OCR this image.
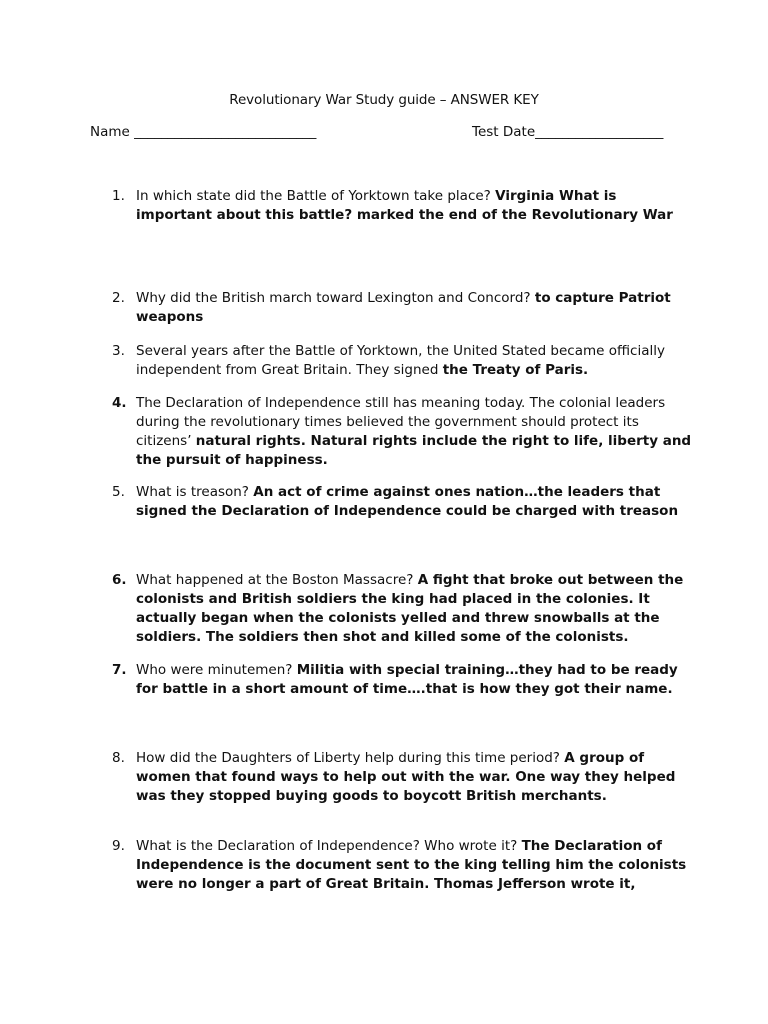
Revolutionary War Study guide – ANSWER KEY
Name ___________________________	Test Date___________________
1. In which state did the Battle of Yorktown take place? Virginia What is important about this battle? marked the end of the Revolutionary War
2. Why did the British march toward Lexington and Concord? to capture Patriot weapons
3. Several years after the Battle of Yorktown, the United Stated became officially independent from Great Britain. They signed the Treaty of Paris.
4. The Declaration of Independence still has meaning today. The colonial leaders during the revolutionary times believed the government should protect its citizens’ natural rights. Natural rights include the right to life, liberty and the pursuit of happiness.
5. What is treason? An act of crime against ones nation…the leaders that signed the Declaration of Independence could be charged with treason
6. What happened at the Boston Massacre? A fight that broke out between the colonists and British soldiers the king had placed in the colonies. It actually began when the colonists yelled and threw snowballs at the soldiers. The soldiers then shot and killed some of the colonists.
7. Who were minutemen? Militia with special training…they had to be ready for battle in a short amount of time….that is how they got their name.
8. How did the Daughters of Liberty help during this time period? A group of women that found ways to help out with the war. One way they helped was they stopped buying goods to boycott British merchants.
9. What is the Declaration of Independence? Who wrote it? The Declaration of Independence is the document sent to the king telling him the colonists were no longer a part of Great Britain. Thomas Jefferson wrote it,
